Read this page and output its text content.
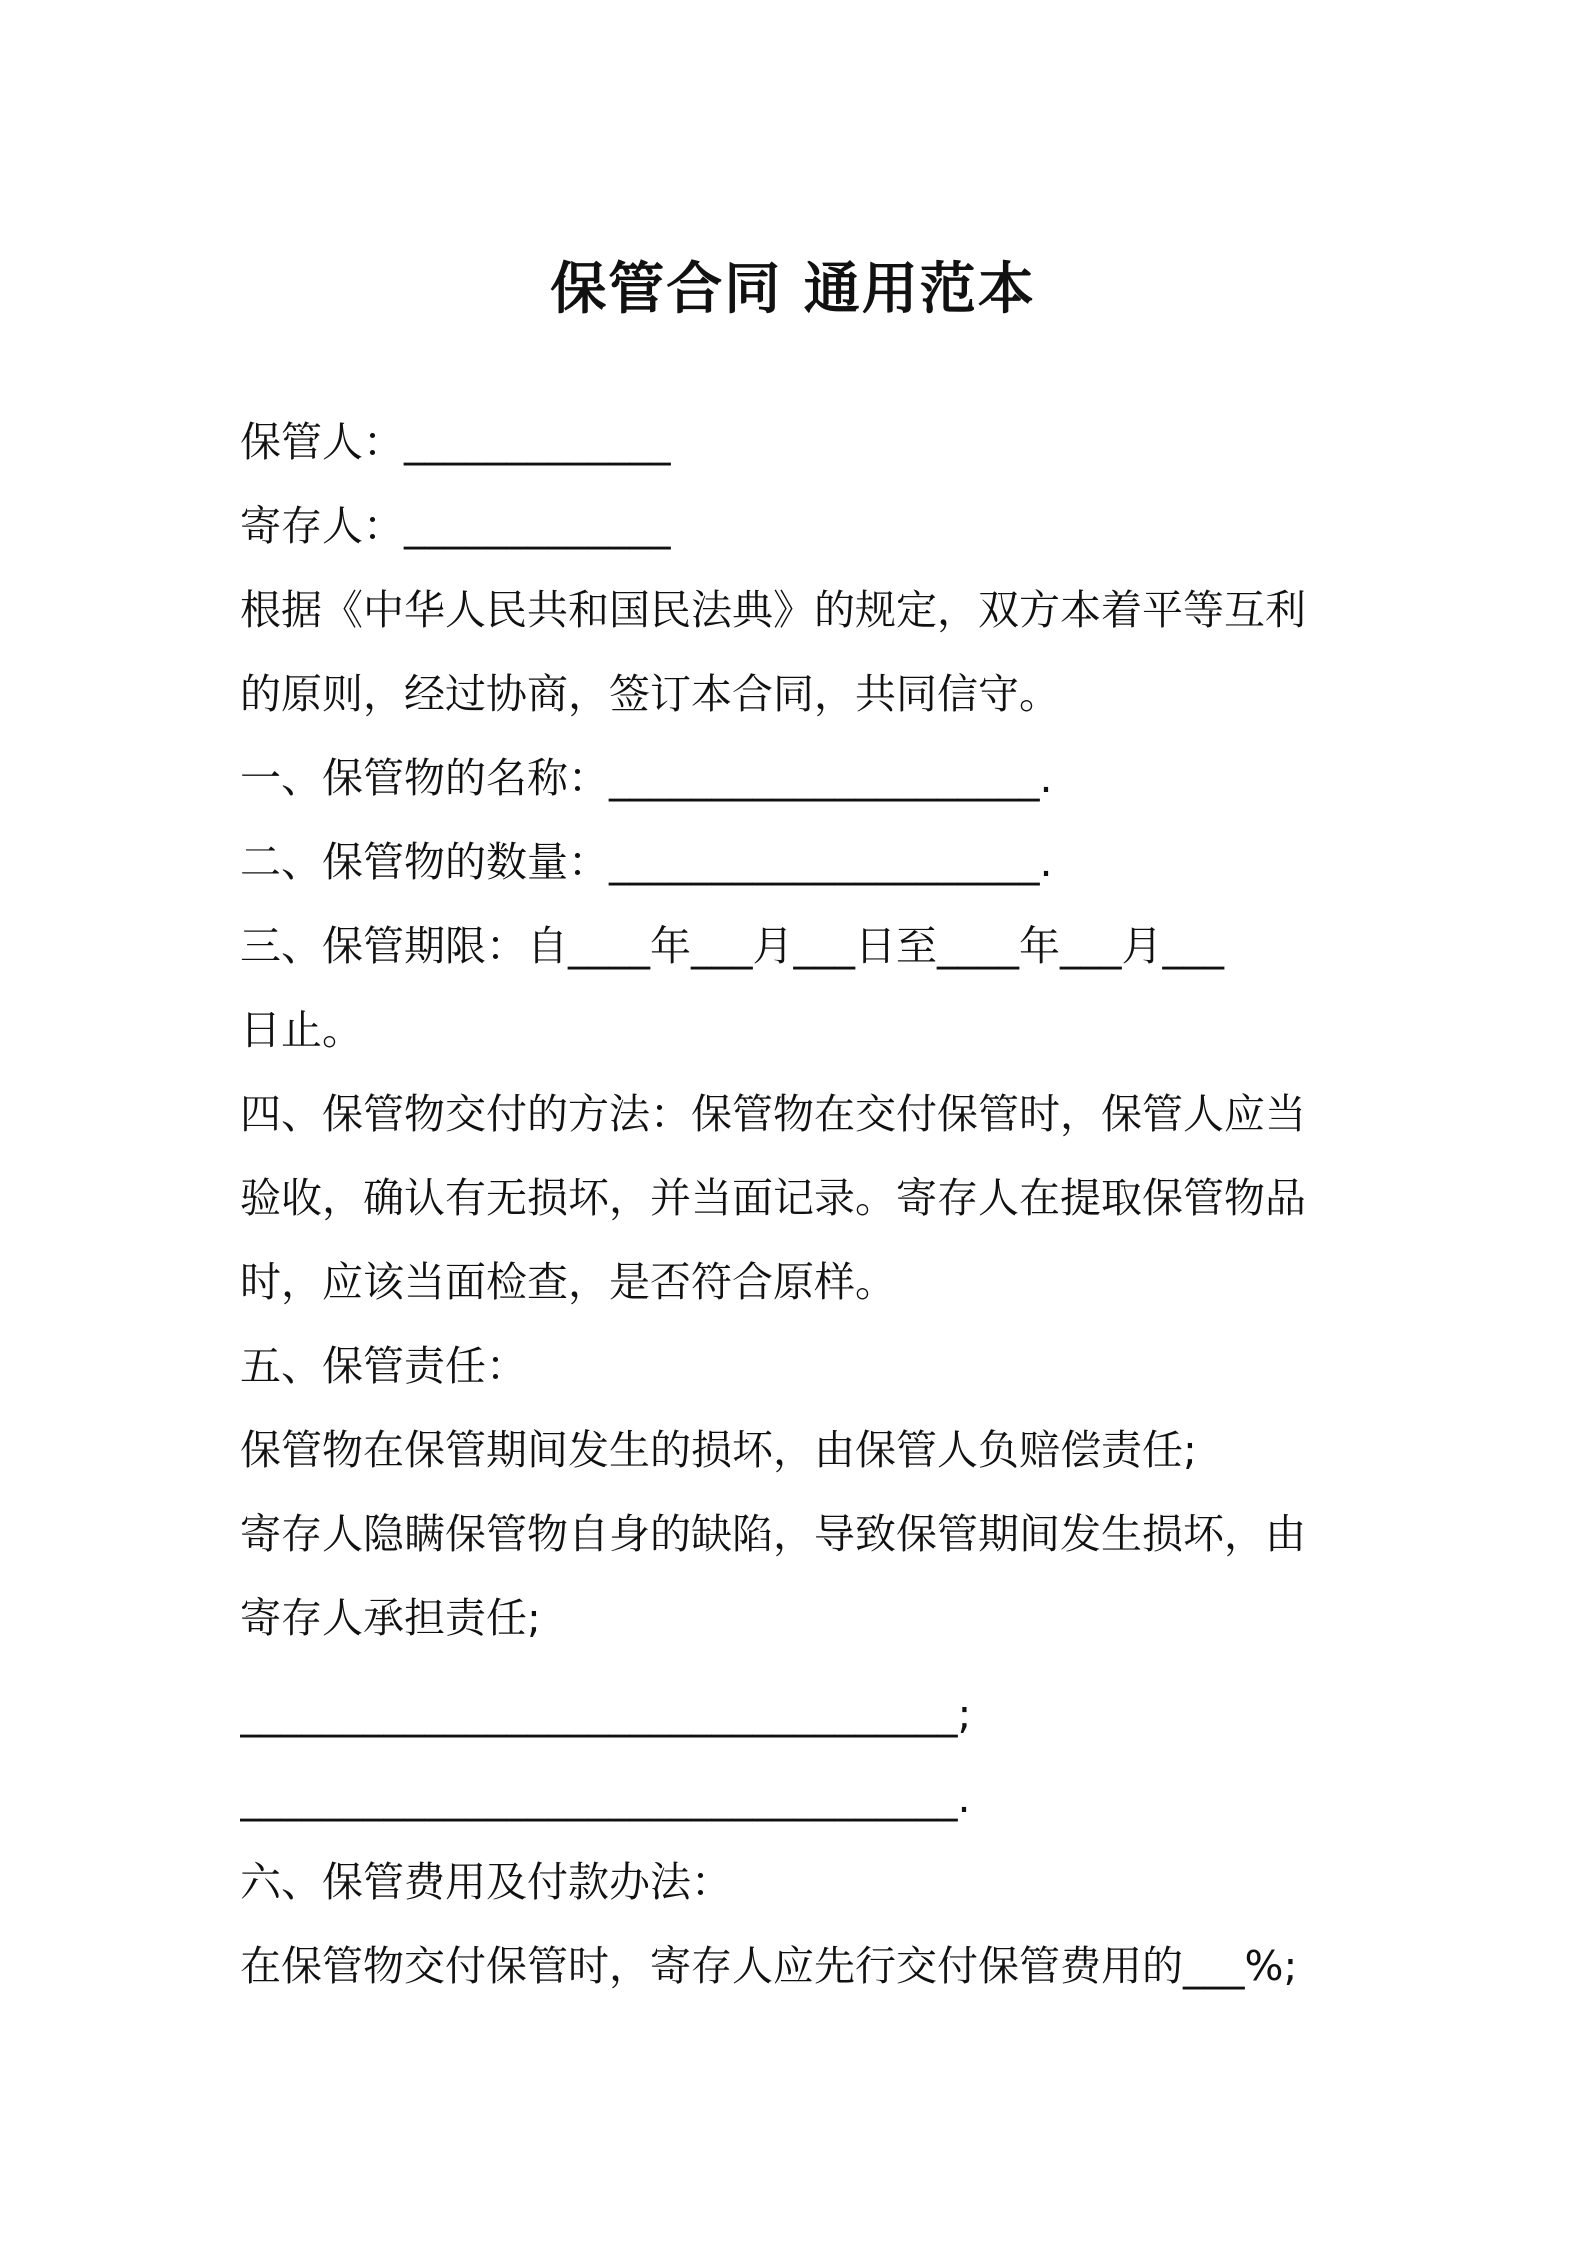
保管合同 通用范本

保管人：_____________

寄存人：_____________

根据《中华人民共和国民法典》的规定，双方本着平等互利

的原则，经过协商，签订本合同，共同信守。

一、保管物的名称：_____________________.

二、保管物的数量：_____________________.

三、保管期限：自____年___月___日至____年___月___

日止。

四、保管物交付的方法：保管物在交付保管时，保管人应当

验收，确认有无损坏，并当面记录。寄存人在提取保管物品

时，应该当面检查，是否符合原样。

五、保管责任：

保管物在保管期间发生的损坏，由保管人负赔偿责任;

寄存人隐瞒保管物自身的缺陷，导致保管期间发生损坏，由

寄存人承担责任;

___________________________________;

___________________________________.

六、保管费用及付款办法：

在保管物交付保管时，寄存人应先行交付保管费用的___%;
